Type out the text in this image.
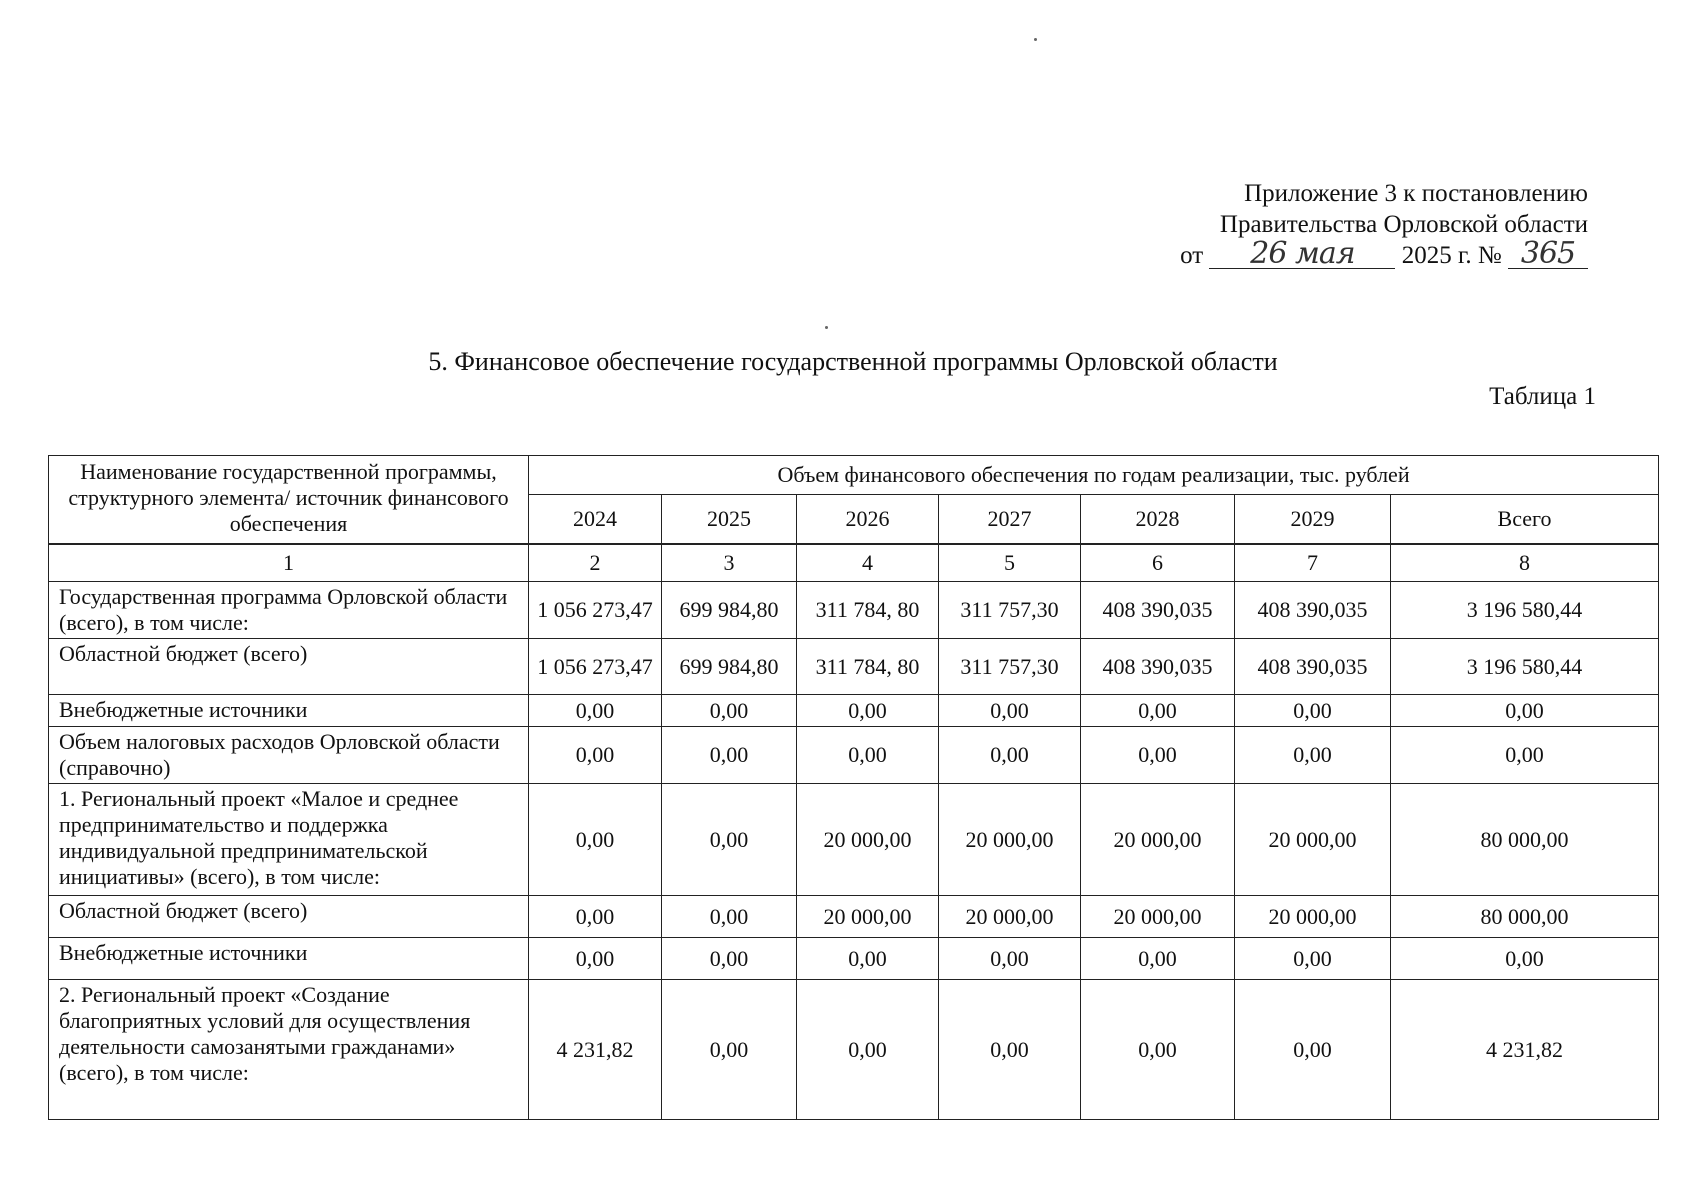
Приложение 3 к постановлению
Правительства Орловской области
от 26 мая 2025 г. № 365
5. Финансовое обеспечение государственной программы Орловской области
Таблица 1
Наименование государственной программы, структурного элемента/ источник финансового обеспечения	Объем финансового обеспечения по годам реализации, тыс. рублей						
	2024	2025	2026	2027	2028	2029	Всего
1	2	3	4	5	6	7	8
Государственная программа Орловской области (всего), в том числе:	1 056 273,47	699 984,80	311 784, 80	311 757,30	408 390,035	408 390,035	3 196 580,44
Областной бюджет (всего)	1 056 273,47	699 984,80	311 784, 80	311 757,30	408 390,035	408 390,035	3 196 580,44
Внебюджетные источники	0,00	0,00	0,00	0,00	0,00	0,00	0,00
Объем налоговых расходов Орловской области (справочно)	0,00	0,00	0,00	0,00	0,00	0,00	0,00
1. Региональный проект «Малое и среднее предпринимательство и поддержка индивидуальной предпринимательской инициативы» (всего), в том числе:	0,00	0,00	20 000,00	20 000,00	20 000,00	20 000,00	80 000,00
Областной бюджет (всего)	0,00	0,00	20 000,00	20 000,00	20 000,00	20 000,00	80 000,00
Внебюджетные источники	0,00	0,00	0,00	0,00	0,00	0,00	0,00
2. Региональный проект «Создание благоприятных условий для осуществления деятельности самозанятыми гражданами» (всего), в том числе:	4 231,82	0,00	0,00	0,00	0,00	0,00	4 231,82
